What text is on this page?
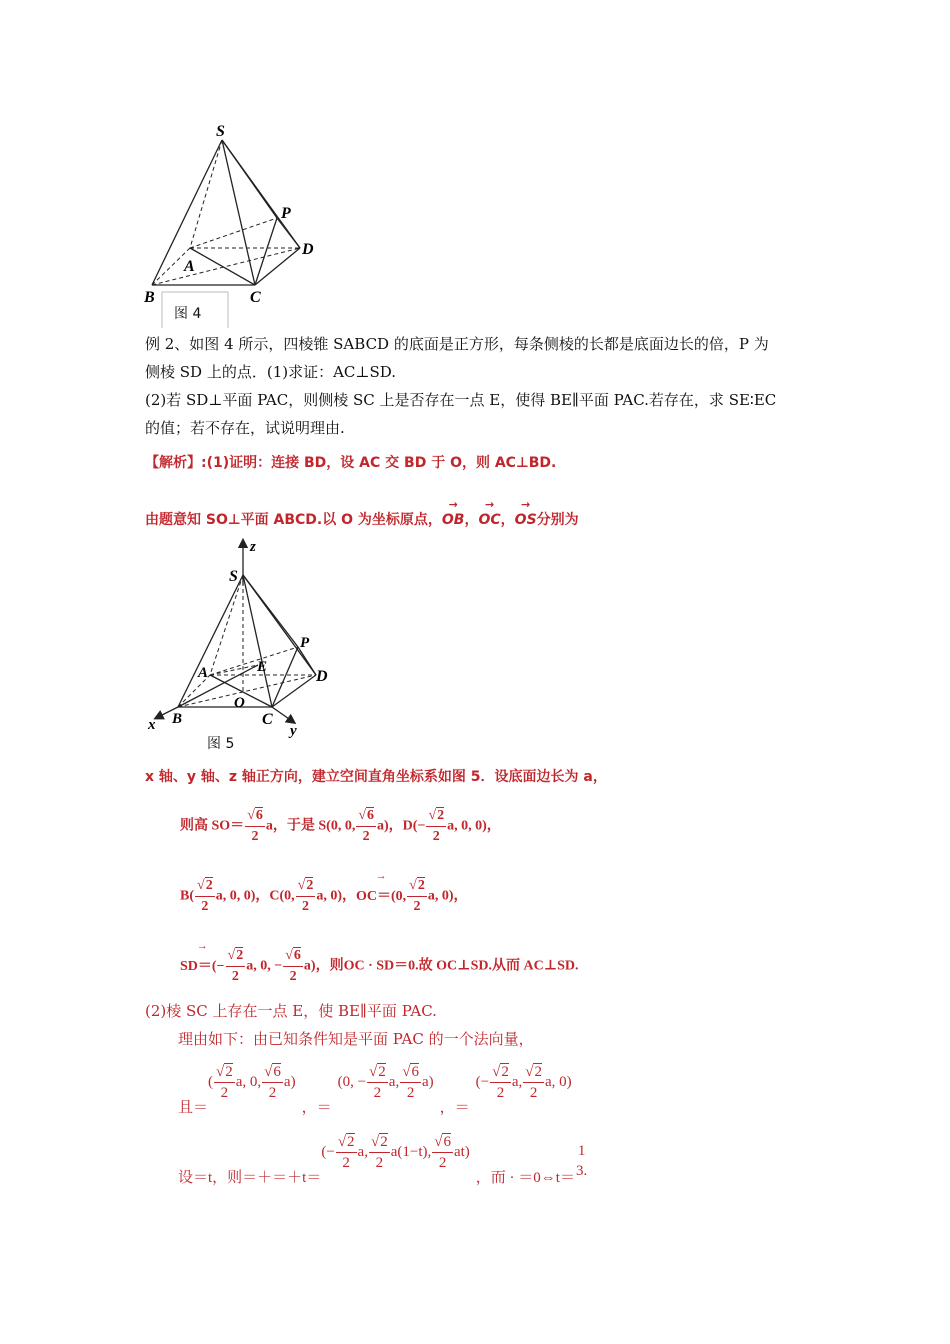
S
P
D
A
B	C
图 4
例 2、如图 4 所示，四棱锥 SABCD 的底面是正方形，每条侧棱的长都是底面边长的倍，P 为
侧棱 SD 上的点．(1)求证：AC⊥SD.
(2)若 SD⊥平面 PAC，则侧棱 SC 上是否存在一点 E，使得 BE∥平面 PAC.若存在，求 SE∶EC
的值；若不存在，试说明理由.
【解析】:(1)证明：连接 BD，设 AC 交 BD 于 O，则 AC⊥BD.
由题意知 SO⊥平面 ABCD.以 O 为坐标原点，→ OB，→ OC，→ OS分别为
z
S
P
E
D
A
O
B	C
x	y
图 5
x 轴、y 轴、z 轴正方向，建立空间直角坐标系如图 5．设底面边长为 a，
则高 $SO= \frac{√6}{2}$ a，于是 S(0, 0, $\frac{√6}{2} a$)，$D(- \frac{√2}{2} a$, 0, 0)，
$B( \frac{√2}{2} a$, 0, 0)，C(0, $\frac{√2}{2} a$, 0)，→ OC＝(0, $\frac{√2}{2} a$, 0)，
→ $SD=(- \frac{√2}{2} a$, 0, − $\frac{√6}{2} a$)，则OC · SD＝0.故 OC⊥SD.从而 AC⊥SD.
(2)棱 SC 上存在一点 E，使 BE∥平面 PAC.
理由如下：由已知条件知是平面 PAC 的一个法向量，
且＝( $\frac{√2}{2} a$, 0, $\frac{√6}{2} a$)，＝(0, − $\frac{√2}{2} a$, $\frac{√6}{2} a$)，＝(− $\frac{√2}{2} a$, $\frac{√2}{2} a$, 0)
设＝t，则$=+=+t=(- \frac{√2}{2} a$, $\frac{√2}{2} a(1-t)$, $\frac{√6}{2} at$)，而 · ＝0⇔t＝
1
3.
